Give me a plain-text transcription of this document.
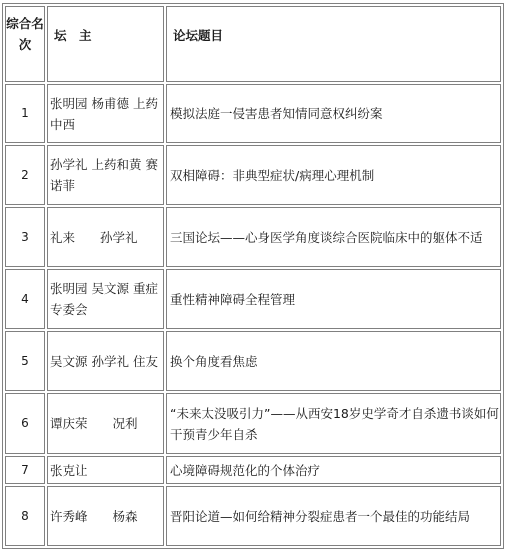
综合名次	坛　主	论坛题目
1	张明园 杨甫德 上药中西	模拟法庭一侵害患者知情同意权纠纷案
2	孙学礼 上药和黄 赛诺菲	双相障碍：非典型症状/病理心理机制
3	礼来　　孙学礼	三国论坛——心身医学角度谈综合医院临床中的躯体不适
4	张明园 吴文源 重症专委会	重性精神障碍全程管理
5	吴文源 孙学礼 住友	换个角度看焦虑
6	谭庆荣　　况利	“未来太没吸引力”——从西安18岁史学奇才自杀遗书谈如何干预青少年自杀
7	张克让	心境障碍规范化的个体治疗
8	许秀峰　　杨森	晋阳论道—如何给精神分裂症患者一个最佳的功能结局
